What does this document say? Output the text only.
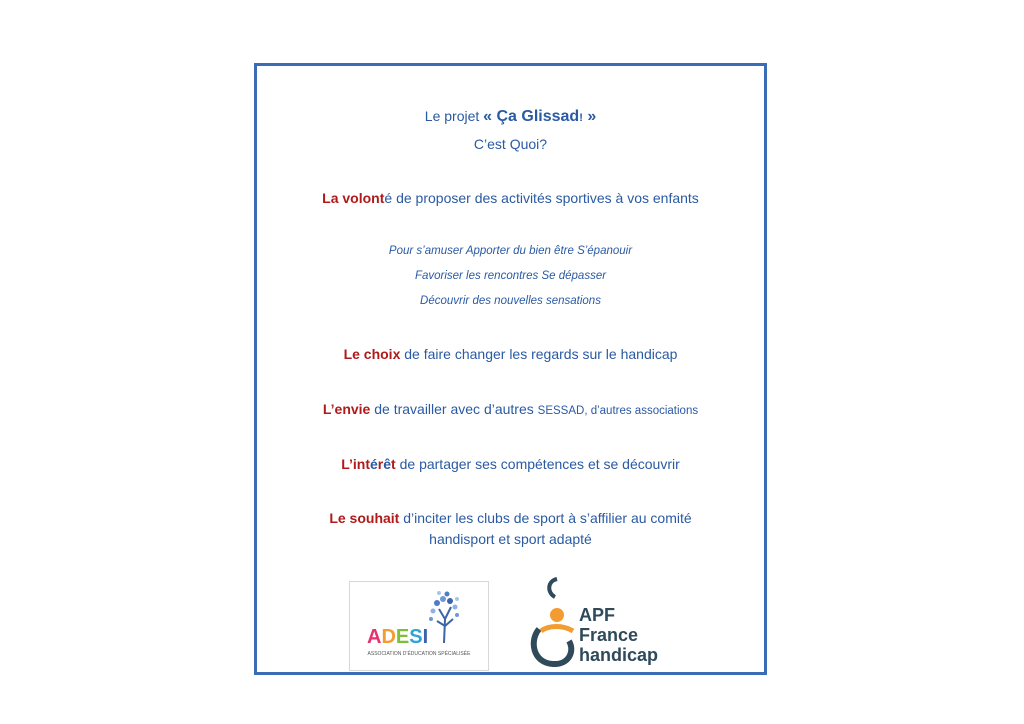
Le projet « Ça Glissad! »
C’est Quoi?
La volonté de proposer des activités sportives à vos enfants
Pour s’amuser Apporter du bien être S’épanouir
Favoriser les rencontres Se dépasser
Découvrir des nouvelles sensations
Le choix de faire changer les regards sur le handicap
L’envie de travailler avec d’autres SESSAD, d’autres associations
L’intérêt de partager ses compétences et se découvrir
Le souhait d’inciter les clubs de sport à s’affilier au comité
handisport et sport adapté
ADESI
ASSOCIATION D’ÉDUCATION SPÉCIALISÉE
APF
France
handicap
